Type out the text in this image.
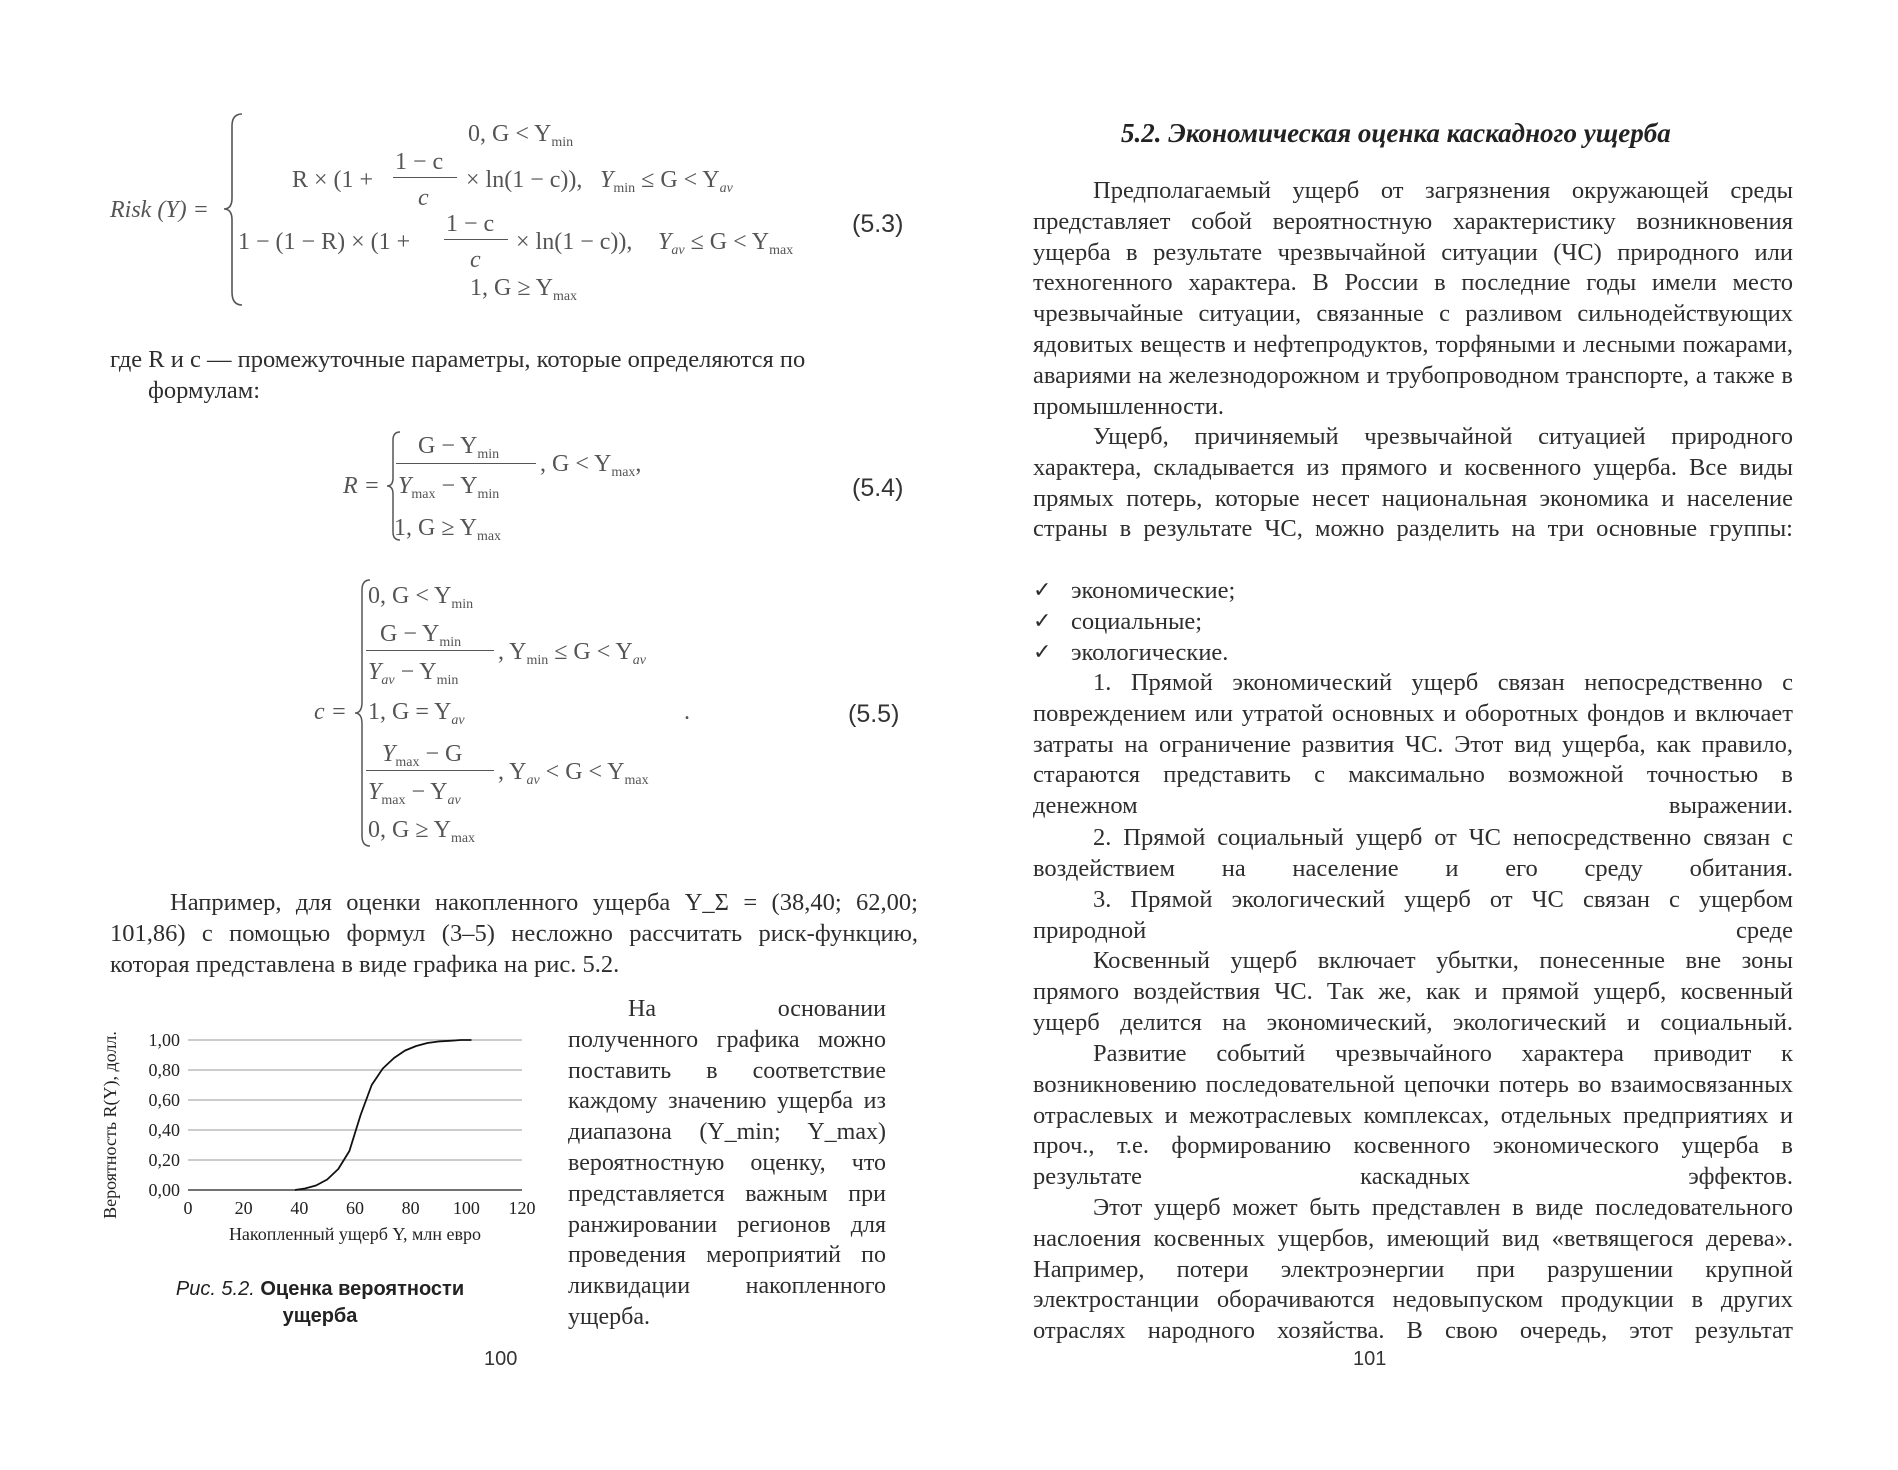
Risk (Y) =
0, $G < Y_{min}$
R × (1 +
1 − c
c
× ln(1 − c)), $Y_{min} \le G < Y_{av}$
1 − (1 − R) × (1 +
1 − c
c
× ln(1 − c)), $Y_{av} \le G < Y_{max}$
1, $G \ge Y_{max}$
(5.3)
где R и c — промежуточные параметры, которые определяются по
формулам:
R =
$G - Y_{min}$
$Y_{max} - Y_{min}$
, $G < Y_{max}$,
1, $G \ge Y_{max}$
(5.4)
c =
0, $G < Y_{min}$
$G - Y_{min}$
$Y_{av} - Y_{min}$
, $Y_{min} \le G < Y_{av}$
1, $G = Y_{av}$	.
$Y_{max} - G$
$Y_{max} - Y_{av}$
, $Y_{av} < G < Y_{max}$
0, $G \ge Y_{max}$
(5.5)
Например, для оценки накопленного ущерба Y_Σ = (38,40; 62,00; 101,86) с помощью формул (3–5) несложно рассчитать риск-функцию, которая представлена в виде графика на рис. 5.2.
0,00
0,20
0,40
0,60
0,80
1,00
0 20 40 60 80 100 120
Накопленный ущерб Y, млн евро
Вероятность R(Y), долл.
Рис. 5.2. Оценка вероятности ущерба
На основании полученного графика можно поставить в соответствие каждому значению ущерба из диапазона (Y_min; Y_max) вероятностную оценку, что представляется важным при ранжировании регионов для проведения мероприятий по ликвидации накопленного ущерба.
100
5.2. Экономическая оценка каскадного ущерба
Предполагаемый ущерб от загрязнения окружающей среды представляет собой вероятностную характеристику возникновения ущерба в результате чрезвычайной ситуации (ЧС) природного или техногенного характера. В России в последние годы имели место чрезвычайные ситуации, связанные с разливом сильнодействующих ядовитых веществ и нефтепродуктов, торфяными и лесными пожарами, авариями на железнодорожном и трубопроводном транспорте, а также в промышленности.
Ущерб, причиняемый чрезвычайной ситуацией природного характера, складывается из прямого и косвенного ущерба. Все виды прямых потерь, которые несет национальная экономика и население страны в результате ЧС, можно разделить на три основные группы:
✓ экономические;
✓ социальные;
✓ экологические.
1. Прямой экономический ущерб связан непосредственно с повреждением или утратой основных и оборотных фондов и включает затраты на ограничение развития ЧС. Этот вид ущерба, как правило, стараются представить с максимально возможной точностью в денежном выражении.
2. Прямой социальный ущерб от ЧС непосредственно связан с воздействием на население и его среду обитания.
3. Прямой экологический ущерб от ЧС связан с ущербом природной среде
Косвенный ущерб включает убытки, понесенные вне зоны прямого воздействия ЧС. Так же, как и прямой ущерб, косвенный ущерб делится на экономический, экологический и социальный.
Развитие событий чрезвычайного характера приводит к возникновению последовательной цепочки потерь во взаимосвязанных отраслевых и межотраслевых комплексах, отдельных предприятиях и проч., т.е. формированию косвенного экономического ущерба в результате каскадных эффектов.
Этот ущерб может быть представлен в виде последовательного наслоения косвенных ущербов, имеющий вид «ветвящегося дерева». Например, потери электроэнергии при разрушении крупной электростанции оборачиваются недовыпуском продукции в других отраслях народного хозяйства. В свою очередь, этот результат
101
